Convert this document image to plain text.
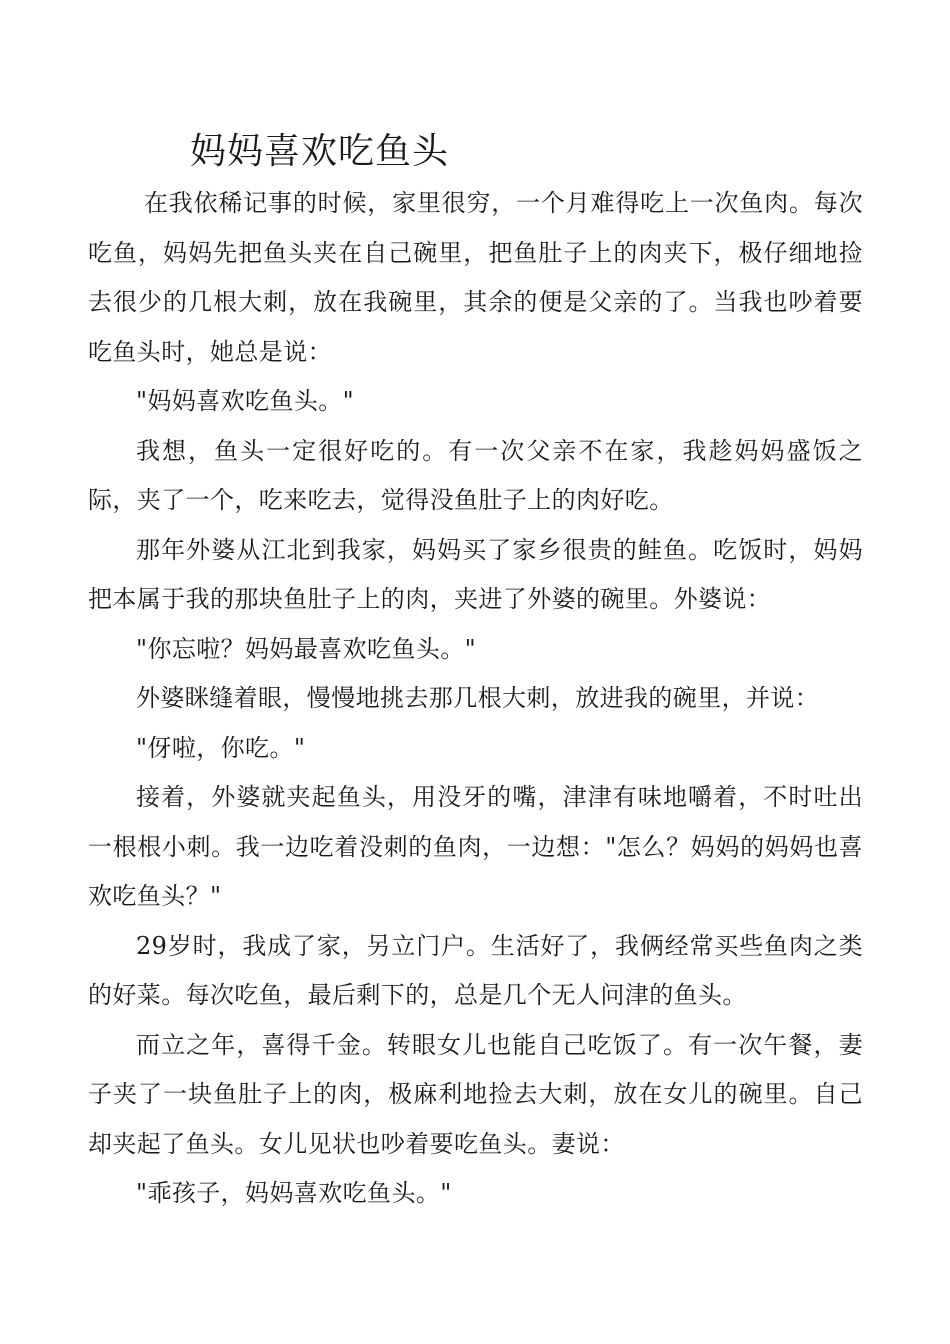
妈妈喜欢吃鱼头

在我依稀记事的时候，家里很穷，一个月难得吃上一次鱼肉。每次吃鱼，妈妈先把鱼头夹在自己碗里，把鱼肚子上的肉夹下，极仔细地捡去很少的几根大刺，放在我碗里，其余的便是父亲的了。当我也吵着要吃鱼头时，她总是说：

"妈妈喜欢吃鱼头。"

我想，鱼头一定很好吃的。有一次父亲不在家，我趁妈妈盛饭之际，夹了一个，吃来吃去，觉得没鱼肚子上的肉好吃。

那年外婆从江北到我家，妈妈买了家乡很贵的鲑鱼。吃饭时，妈妈把本属于我的那块鱼肚子上的肉，夹进了外婆的碗里。外婆说：

"你忘啦？妈妈最喜欢吃鱼头。"

外婆眯缝着眼，慢慢地挑去那几根大刺，放进我的碗里，并说：

"伢啦，你吃。"

接着，外婆就夹起鱼头，用没牙的嘴，津津有味地嚼着，不时吐出一根根小刺。我一边吃着没刺的鱼肉，一边想："怎么？妈妈的妈妈也喜欢吃鱼头？"

29岁时，我成了家，另立门户。生活好了，我俩经常买些鱼肉之类的好菜。每次吃鱼，最后剩下的，总是几个无人问津的鱼头。

而立之年，喜得千金。转眼女儿也能自己吃饭了。有一次午餐，妻子夹了一块鱼肚子上的肉，极麻利地捡去大刺，放在女儿的碗里。自己却夹起了鱼头。女儿见状也吵着要吃鱼头。妻说：

"乖孩子，妈妈喜欢吃鱼头。"
